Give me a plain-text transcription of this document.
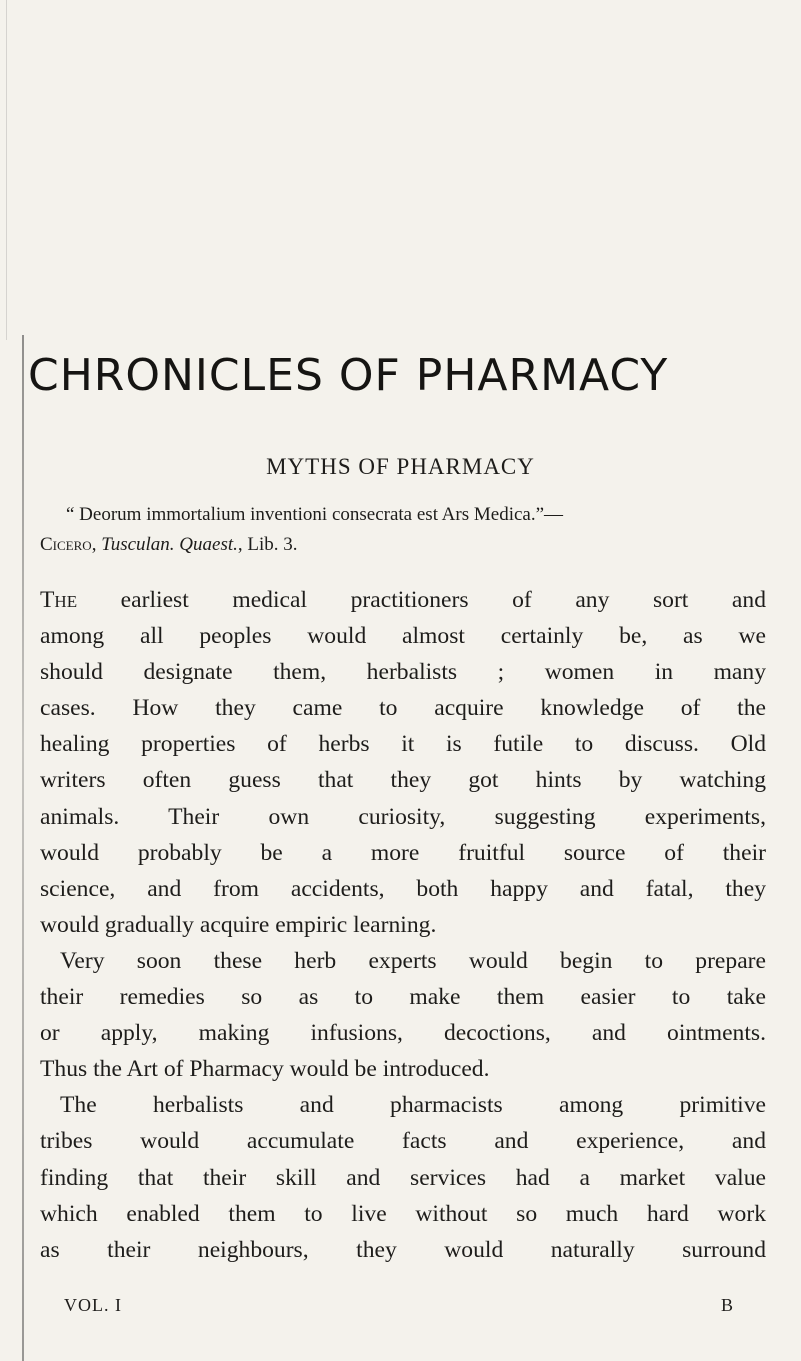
CHRONICLES OF PHARMACY
MYTHS OF PHARMACY
“ Deorum immortalium inventioni consecrata est Ars Medica.”—
Cicero, Tusculan. Quaest., Lib. 3.
The earliest medical practitioners of any sort and
among all peoples would almost certainly be, as we
should designate them, herbalists ; women in many
cases. How they came to acquire knowledge of the
healing properties of herbs it is futile to discuss. Old
writers often guess that they got hints by watching
animals. Their own curiosity, suggesting experiments,
would probably be a more fruitful source of their
science, and from accidents, both happy and fatal, they
would gradually acquire empiric learning.
Very soon these herb experts would begin to prepare
their remedies so as to make them easier to take
or apply, making infusions, decoctions, and ointments.
Thus the Art of Pharmacy would be introduced.
The herbalists and pharmacists among primitive
tribes would accumulate facts and experience, and
finding that their skill and services had a market value
which enabled them to live without so much hard work
as their neighbours, they would naturally surround
VOL. I	B
